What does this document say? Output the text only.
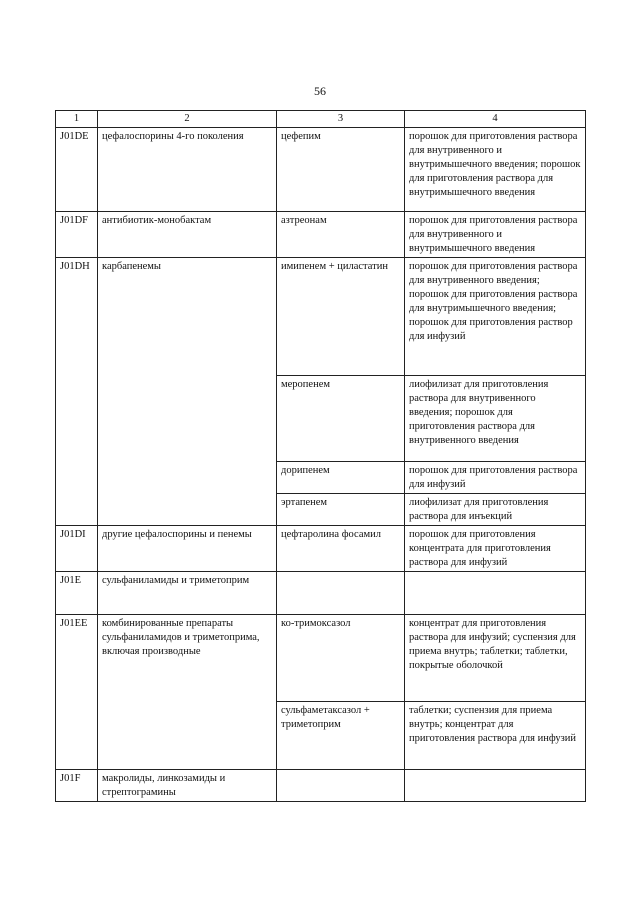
56
1	2	3	4
J01DE	цефалоспорины 4-го поколения	цефепим	порошок для приготовления раствора для внутривенного и внутримышечного введения; порошок для приготовления раствора для внутримышечного введения
J01DF	антибиотик-монобактам	азтреонам	порошок для приготовления раствора для внутривенного и внутримышечного введения
J01DH	карбапенемы	имипенем + циластатин	порошок для приготовления раствора для внутривенного введения; порошок для приготовления раствора для внутримышечного введения; порошок для приготовления раствор для инфузий
		меропенем	лиофилизат для приготовления раствора для внутривенного введения; порошок для приготовления раствора для внутривенного введения
		дорипенем	порошок для приготовления раствора для инфузий
		эртапенем	лиофилизат для приготовления раствора для инъекций
J01DI	другие цефалоспорины и пенемы	цефтаролина фосамил	порошок для приготовления концентрата для приготовления раствора для инфузий
J01E	сульфаниламиды и триметоприм		
J01EE	комбинированные препараты сульфаниламидов и триметоприма, включая производные	ко-тримоксазол	концентрат для приготовления раствора для инфузий; суспензия для приема внутрь; таблетки; таблетки, покрытые оболочкой
		сульфаметаксазол + триметоприм	таблетки; суспензия для приема внутрь; концентрат для приготовления раствора для инфузий
J01F	макролиды, линкозамиды и стрептограмины		
